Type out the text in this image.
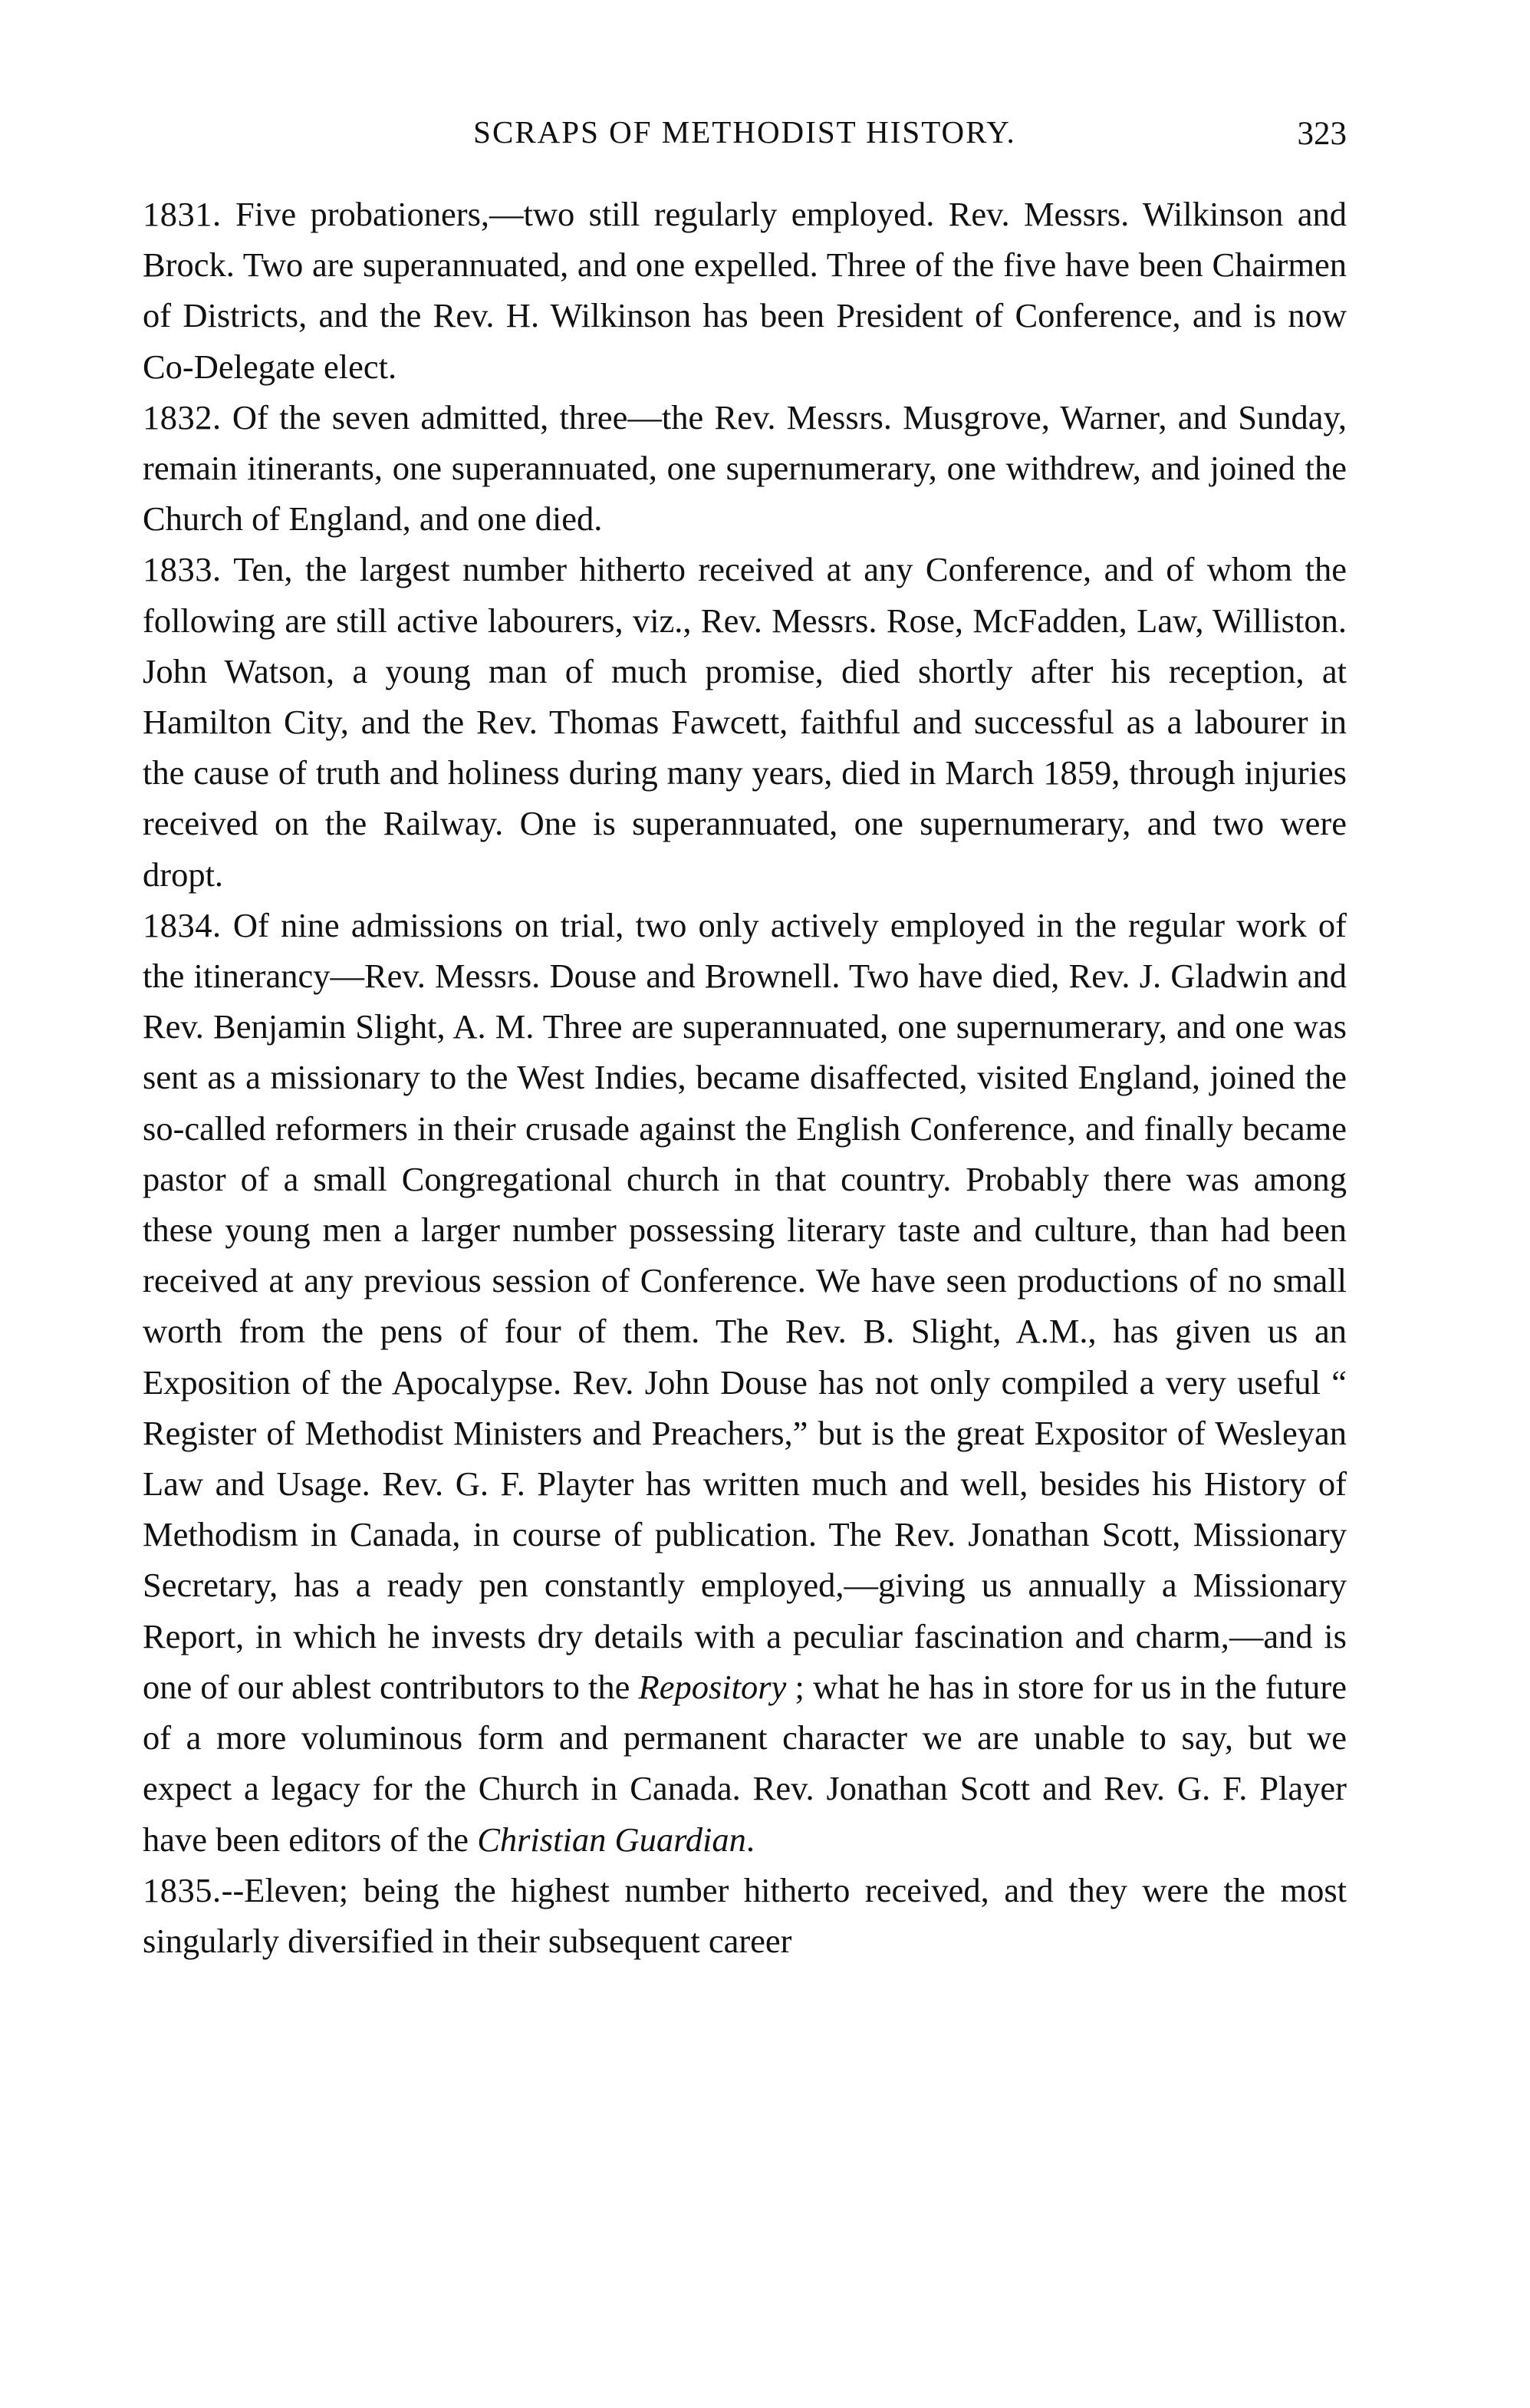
SCRAPS OF METHODIST HISTORY.	323

1831. Five probationers,—two still regularly employed. Rev. Messrs. Wilkinson and Brock. Two are superannuated, and one expelled. Three of the five have been Chairmen of Districts, and the Rev. H. Wilkinson has been President of Conference, and is now Co-Delegate elect.

1832. Of the seven admitted, three—the Rev. Messrs. Musgrove, Warner, and Sunday, remain itinerants, one superannuated, one supernumerary, one withdrew, and joined the Church of England, and one died.

1833. Ten, the largest number hitherto received at any Conference, and of whom the following are still active labourers, viz., Rev. Messrs. Rose, McFadden, Law, Williston. John Watson, a young man of much promise, died shortly after his reception, at Hamilton City, and the Rev. Thomas Fawcett, faithful and successful as a labourer in the cause of truth and holiness during many years, died in March 1859, through injuries received on the Railway. One is superannuated, one supernumerary, and two were dropt.

1834. Of nine admissions on trial, two only actively employed in the regular work of the itinerancy—Rev. Messrs. Douse and Brownell. Two have died, Rev. J. Gladwin and Rev. Benjamin Slight, A. M. Three are superannuated, one supernumerary, and one was sent as a missionary to the West Indies, became disaffected, visited England, joined the so-called reformers in their crusade against the English Conference, and finally became pastor of a small Congregational church in that country. Probably there was among these young men a larger number possessing literary taste and culture, than had been received at any previous session of Conference. We have seen productions of no small worth from the pens of four of them. The Rev. B. Slight, A.M., has given us an Exposition of the Apocalypse. Rev. John Douse has not only compiled a very useful “ Register of Methodist Ministers and Preachers,” but is the great Expositor of Wesleyan Law and Usage. Rev. G. F. Playter has written much and well, besides his History of Methodism in Canada, in course of publication. The Rev. Jonathan Scott, Missionary Secretary, has a ready pen constantly employed,—giving us annually a Missionary Report, in which he invests dry details with a peculiar fascination and charm,—and is one of our ablest contributors to the Repository ; what he has in store for us in the future of a more voluminous form and permanent character we are unable to say, but we expect a legacy for the Church in Canada. Rev. Jonathan Scott and Rev. G. F. Player have been editors of the Christian Guardian.

1835.--Eleven; being the highest number hitherto received, and they were the most singularly diversified in their subsequent career
